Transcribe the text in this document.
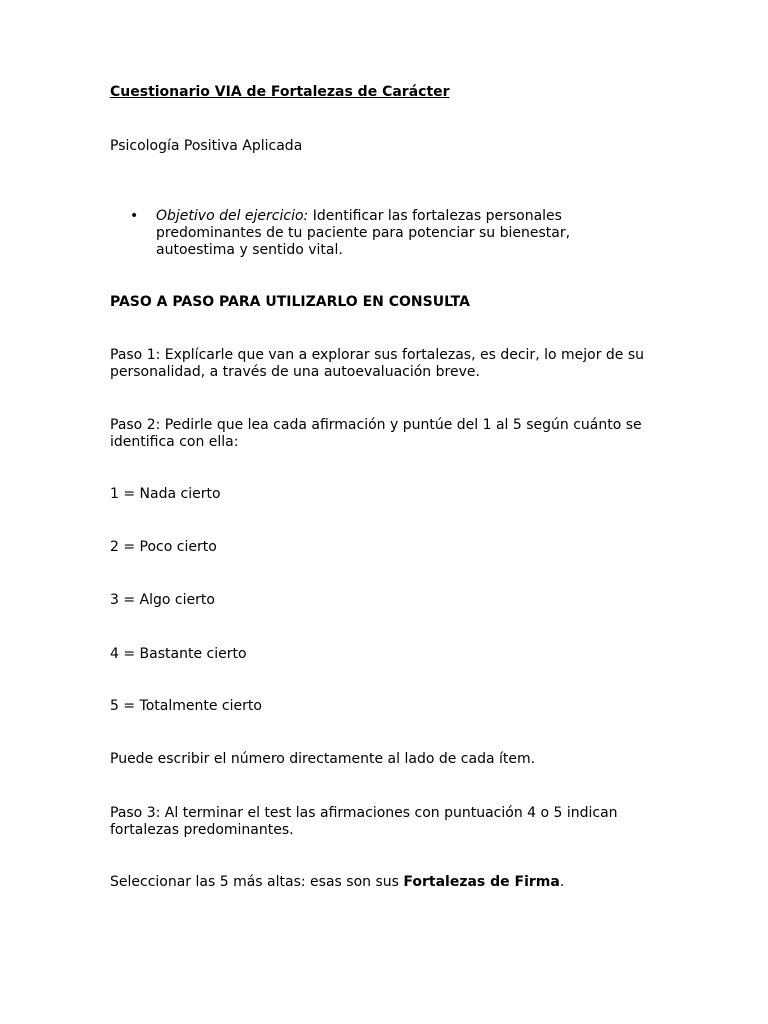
Cuestionario VIA de Fortalezas de Carácter

Psicología Positiva Aplicada

• Objetivo del ejercicio: Identificar las fortalezas personales predominantes de tu paciente para potenciar su bienestar, autoestima y sentido vital.

PASO A PASO PARA UTILIZARLO EN CONSULTA

Paso 1: Explícarle que van a explorar sus fortalezas, es decir, lo mejor de su personalidad, a través de una autoevaluación breve.

Paso 2: Pedirle que lea cada afirmación y puntúe del 1 al 5 según cuánto se identifica con ella:

1 = Nada cierto

2 = Poco cierto

3 = Algo cierto

4 = Bastante cierto

5 = Totalmente cierto

Puede escribir el número directamente al lado de cada ítem.

Paso 3: Al terminar el test las afirmaciones con puntuación 4 o 5 indican fortalezas predominantes.

Seleccionar las 5 más altas: esas son sus Fortalezas de Firma.
